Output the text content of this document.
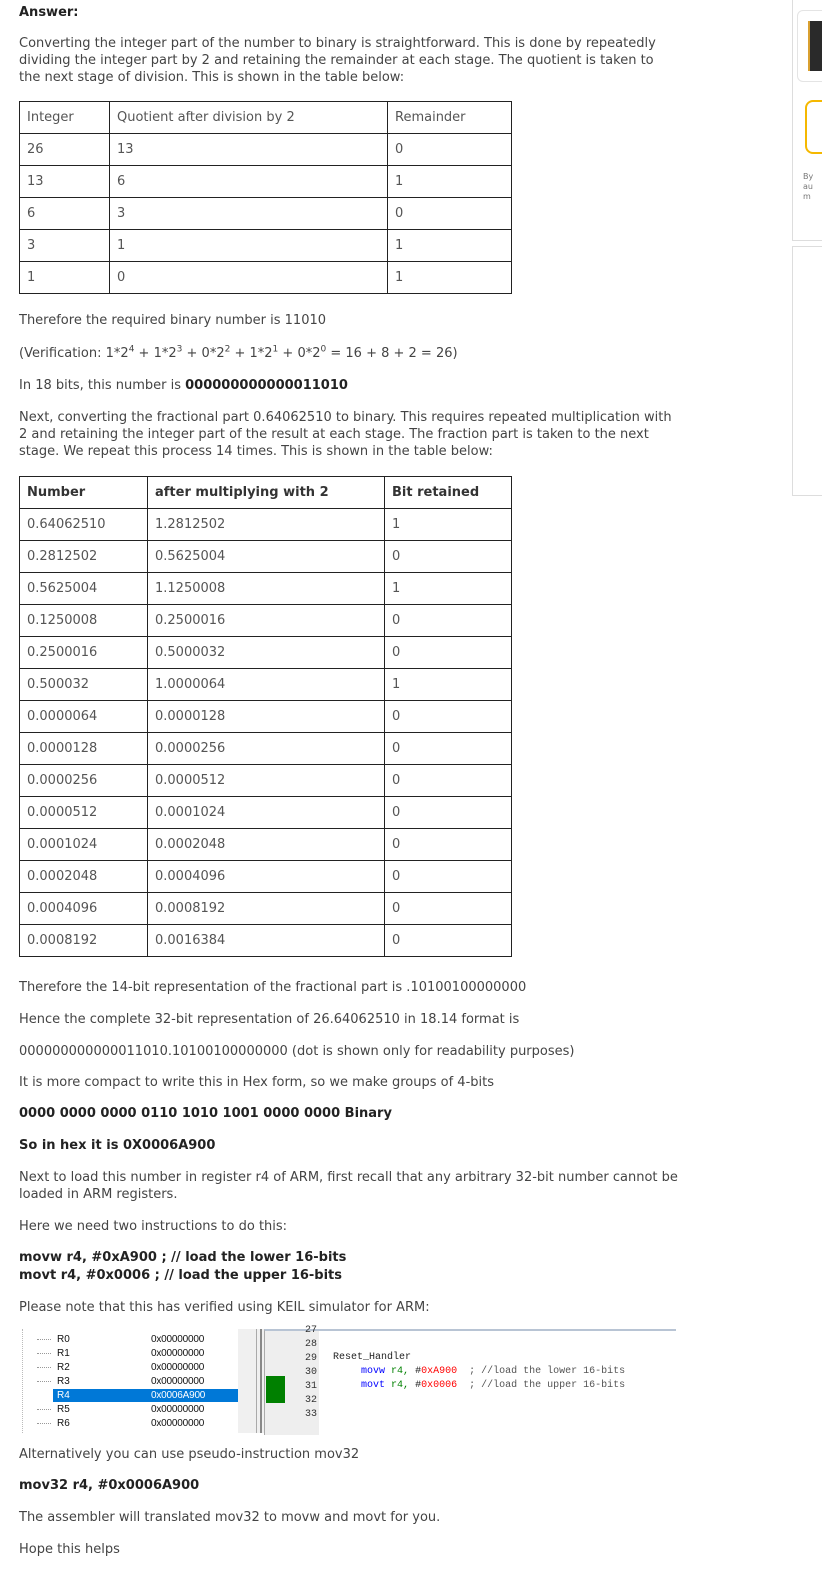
By
au
m
Answer:

Converting the integer part of the number to binary is straightforward. This is done by repeatedly dividing the integer part by 2 and retaining the remainder at each stage. The quotient is taken to the next stage of division. This is shown in the table below:

Integer	Quotient after division by 2	Remainder
26	13	0
13	6	1
6	3	0
3	1	1
1	0	1

Therefore the required binary number is 11010

(Verification: $1*2^4 + 1*2^3 + 0*2^2 + 1*2^1 + 0*2^0 = 16 + 8 + 2 = 26$)

In 18 bits, this number is 000000000000011010

Next, converting the fractional part 0.64062510 to binary. This requires repeated multiplication with 2 and retaining the integer part of the result at each stage. The fraction part is taken to the next stage. We repeat this process 14 times. This is shown in the table below:

Number	after multiplying with 2	Bit retained
0.64062510	1.2812502	1
0.2812502	0.5625004	0
0.5625004	1.1250008	1
0.1250008	0.2500016	0
0.2500016	0.5000032	0
0.500032	1.0000064	1
0.0000064	0.0000128	0
0.0000128	0.0000256	0
0.0000256	0.0000512	0
0.0000512	0.0001024	0
0.0001024	0.0002048	0
0.0002048	0.0004096	0
0.0004096	0.0008192	0
0.0008192	0.0016384	0

Therefore the 14-bit representation of the fractional part is .10100100000000

Hence the complete 32-bit representation of 26.64062510 in 18.14 format is

000000000000011010.10100100000000 (dot is shown only for readability purposes)

It is more compact to write this in Hex form, so we make groups of 4-bits

0000 0000 0000 0110 1010 1001 0000 0000 Binary

So in hex it is 0X0006A900

Next to load this number in register r4 of ARM, first recall that any arbitrary 32-bit number cannot be loaded in ARM registers.

Here we need two instructions to do this:

movw r4, #0xA900 ; // load the lower 16-bits

movt r4, #0x0006 ; // load the upper 16-bits

Please note that this has verified using KEIL simulator for ARM:

Alternatively you can use pseudo-instruction mov32

mov32 r4, #0x0006A900

The assembler will translated mov32 to movw and movt for you.

Hope this helps

R0	0x00000000
R1	0x00000000
R2	0x00000000
R3	0x00000000
R4	0x0006A900
R5	0x00000000
R6	0x00000000
27
28
29
30
31
32
33
Reset_Handler
movw r4, #0xA900 ; //load the lower 16-bits
movt r4, #0x0006 ; //load the upper 16-bits
